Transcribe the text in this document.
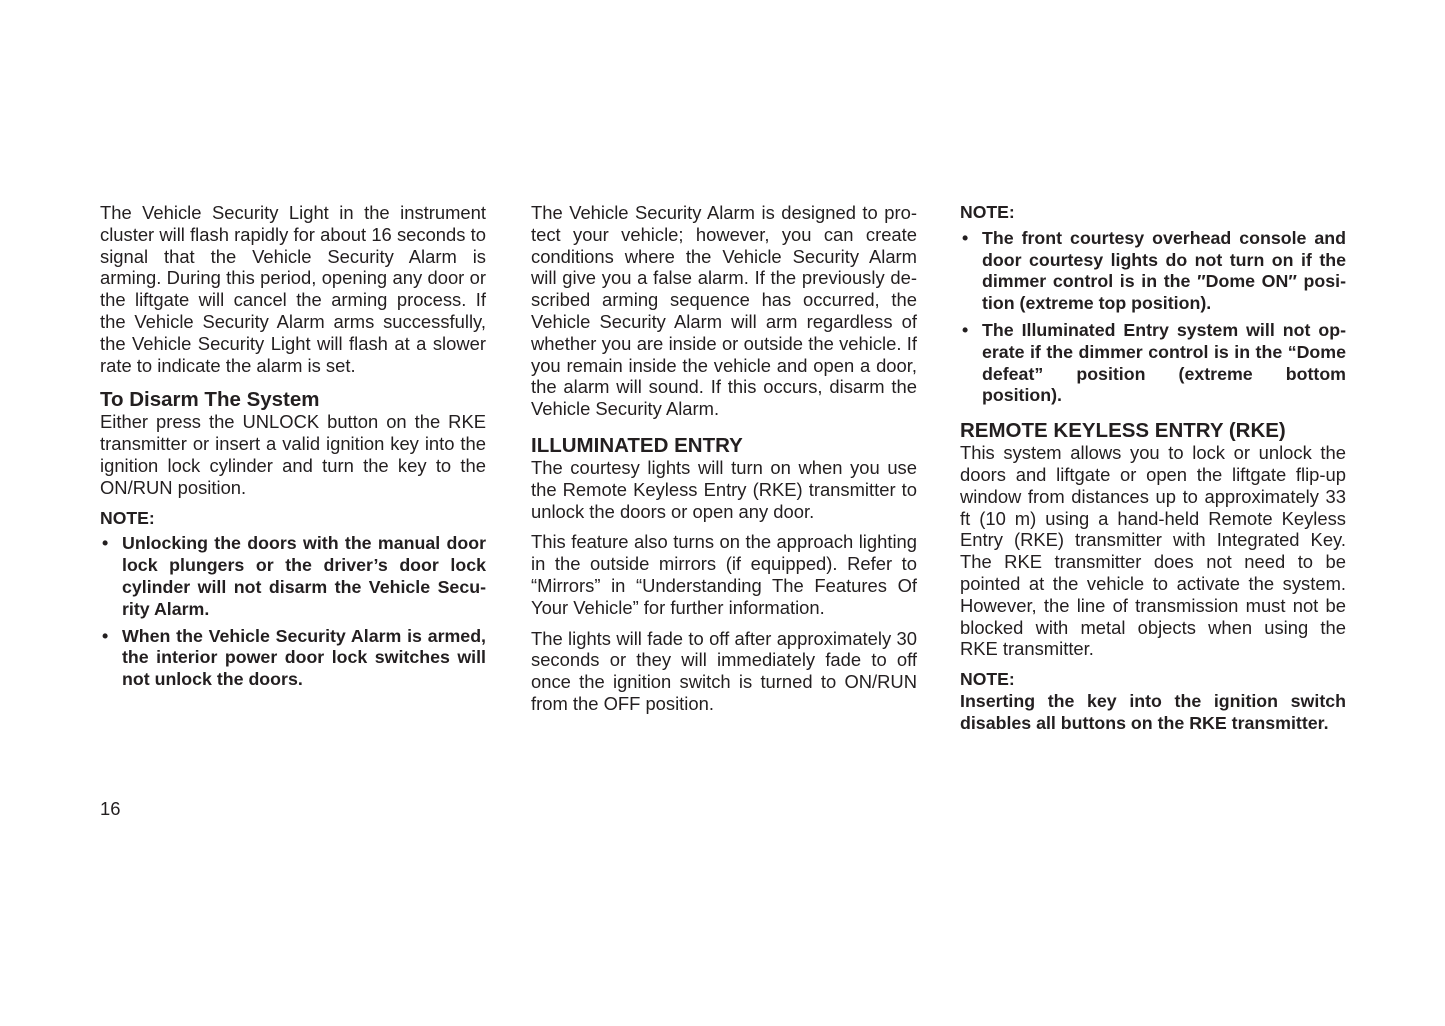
The Vehicle Security Light in the instrument cluster will flash rapidly for about 16 seconds to signal that the Vehicle Security Alarm is arming. During this period, opening any door or the liftgate will cancel the arming process. If the Vehicle Security Alarm arms successfully, the Vehicle Security Light will flash at a slower rate to indicate the alarm is set.

To Disarm The System

Either press the UNLOCK button on the RKE transmitter or insert a valid ignition key into the ignition lock cylinder and turn the key to the ON/RUN position.

NOTE:

• Unlocking the doors with the manual door lock plungers or the driver’s door lock cylinder will not disarm the Vehicle Secu-rity Alarm.
• When the Vehicle Security Alarm is armed, the interior power door lock switches will not unlock the doors.

The Vehicle Security Alarm is designed to pro-tect your vehicle; however, you can create conditions where the Vehicle Security Alarm will give you a false alarm. If the previously de-scribed arming sequence has occurred, the Vehicle Security Alarm will arm regardless of whether you are inside or outside the vehicle. If you remain inside the vehicle and open a door, the alarm will sound. If this occurs, disarm the Vehicle Security Alarm.

ILLUMINATED ENTRY

The courtesy lights will turn on when you use the Remote Keyless Entry (RKE) transmitter to unlock the doors or open any door.

This feature also turns on the approach lighting in the outside mirrors (if equipped). Refer to “Mirrors” in “Understanding The Features Of Your Vehicle” for further information.

The lights will fade to off after approximately 30 seconds or they will immediately fade to off once the ignition switch is turned to ON/RUN from the OFF position.

NOTE:

• The front courtesy overhead console and door courtesy lights do not turn on if the dimmer control is in the ″Dome ON″ posi-tion (extreme top position).
• The Illuminated Entry system will not op-erate if the dimmer control is in the “Dome defeat” position (extreme bottom position).
REMOTE KEYLESS ENTRY (RKE)

This system allows you to lock or unlock the doors and liftgate or open the liftgate flip-up window from distances up to approximately 33 ft (10 m) using a hand-held Remote Keyless Entry (RKE) transmitter with Integrated Key. The RKE transmitter does not need to be pointed at the vehicle to activate the system. However, the line of transmission must not be blocked with metal objects when using the RKE transmitter.

NOTE:

Inserting the key into the ignition switch disables all buttons on the RKE transmitter.

16
